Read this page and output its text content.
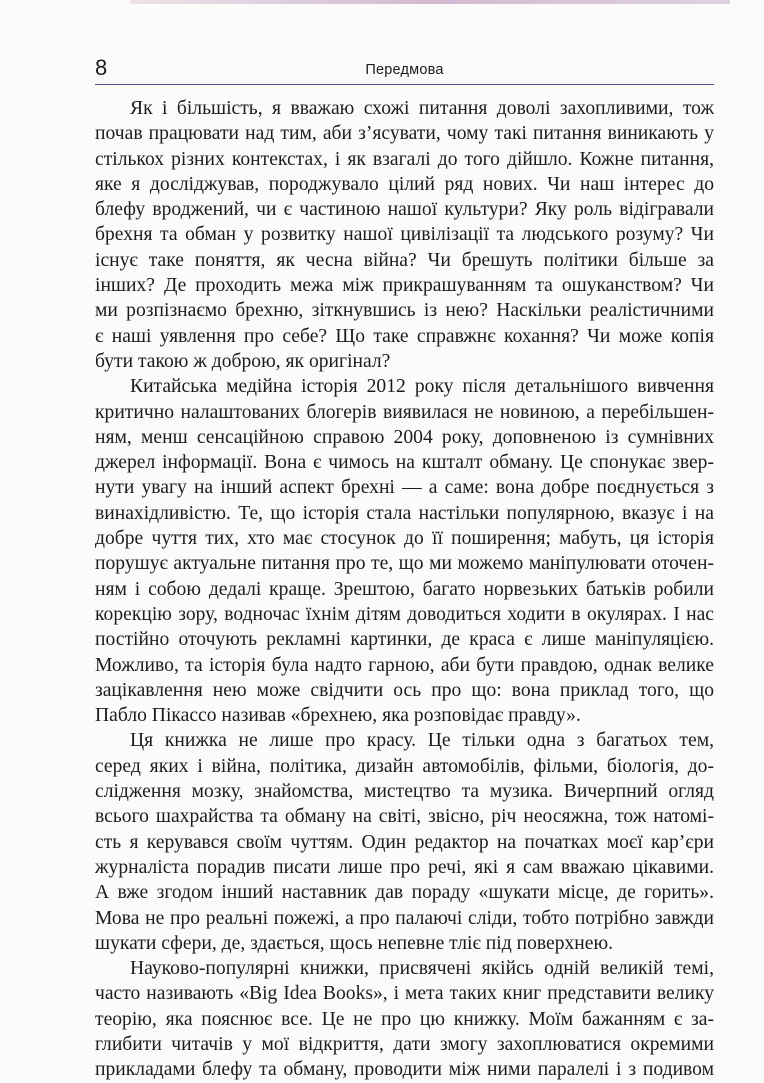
8	Передмова
Як і більшість, я вважаю схожі питання доволі захопливими, тож
почав працювати над тим, аби з’ясувати, чому такі питання виникають у
стількох різних контекстах, і як взагалі до того дійшло. Кожне питання,
яке я досліджував, породжувало цілий ряд нових. Чи наш інтерес до
блефу вроджений, чи є частиною нашої культури? Яку роль відігравали
брехня та обман у розвитку нашої цивілізації та людського розуму? Чи
існує таке поняття, як чесна війна? Чи брешуть політики більше за
інших? Де проходить межа між прикрашуванням та ошуканством? Чи
ми розпізнаємо брехню, зіткнувшись із нею? Наскільки реалістичними
є наші уявлення про себе? Що таке справжнє кохання? Чи може копія
бути такою ж доброю, як оригінал?
Китайська медійна історія 2012 року після детальнішого вивчення
критично налаштованих блогерів виявилася не новиною, а перебільшен-
ням, менш сенсаційною справою 2004 року, доповненою із сумнівних
джерел інформації. Вона є чимось на кшталт обману. Це спонукає звер-
нути увагу на інший аспект брехні — а саме: вона добре поєднується з
винахідливістю. Те, що історія стала настільки популярною, вказує і на
добре чуття тих, хто має стосунок до її поширення; мабуть, ця історія
порушує актуальне питання про те, що ми можемо маніпулювати оточен-
ням і собою дедалі краще. Зрештою, багато норвезьких батьків робили
корекцію зору, водночас їхнім дітям доводиться ходити в окулярах. І нас
постійно оточують рекламні картинки, де краса є лише маніпуляцією.
Можливо, та історія була надто гарною, аби бути правдою, однак велике
зацікавлення нею може свідчити ось про що: вона приклад того, що
Пабло Пікассо називав «брехнею, яка розповідає правду».
Ця книжка не лише про красу. Це тільки одна з багатьох тем,
серед яких і війна, політика, дизайн автомобілів, фільми, біологія, до-
слідження мозку, знайомства, мистецтво та музика. Вичерпний огляд
всього шахрайства та обману на світі, звісно, річ неосяжна, тож натомі-
сть я керувався своїм чуттям. Один редактор на початках моєї кар’єри
журналіста порадив писати лише про речі, які я сам вважаю цікавими.
А вже згодом інший наставник дав пораду «шукати місце, де горить».
Мова не про реальні пожежі, а про палаючі сліди, тобто потрібно завжди
шукати сфери, де, здається, щось непевне тліє під поверхнею.
Науково-популярні книжки, присвячені якійсь одній великій темі,
часто називають «Big Idea Books», і мета таких книг представити велику
теорію, яка пояснює все. Це не про цю книжку. Моїм бажанням є за-
глибити читачів у мої відкриття, дати змогу захоплюватися окремими
прикладами блефу та обману, проводити між ними паралелі і з подивом
